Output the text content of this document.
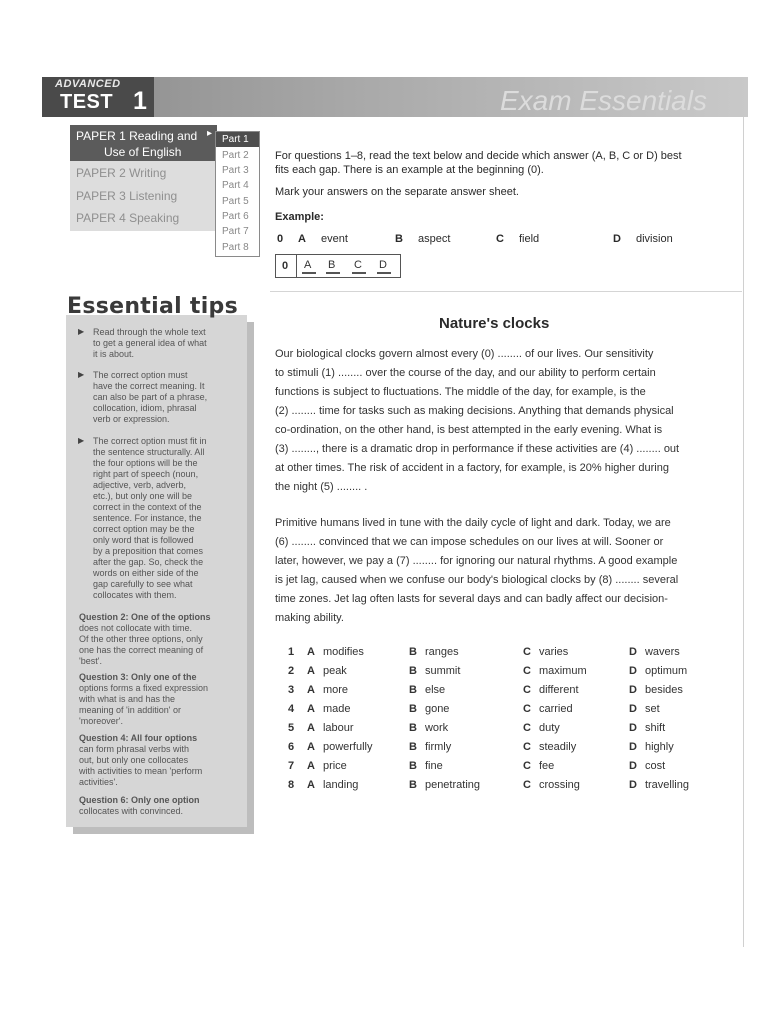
ADVANCED
TEST 1	Exam Essentials
PAPER 1 Reading and
Use of English
▸
PAPER 2 Writing
PAPER 3 Listening
PAPER 4 Speaking
Part 1
Part 2
Part 3
Part 4
Part 5
Part 6
Part 7
Part 8
For questions 1–8, read the text below and decide which answer (A, B, C or D) best
fits each gap. There is an example at the beginning (0).
Mark your answers on the separate answer sheet.
Example:
0 A event	B aspect	C field	D division
0 A B C D
Essential tips
▶ Read through the whole text
to get a general idea of what
it is about.
▶ The correct option must
have the correct meaning. It
can also be part of a phrase,
collocation, idiom, phrasal
verb or expression.
▶ The correct option must fit in
the sentence structurally. All
the four options will be the
right part of speech (noun,
adjective, verb, adverb,
etc.), but only one will be
correct in the context of the
sentence. For instance, the
correct option may be the
only word that is followed
by a preposition that comes
after the gap. So, check the
words on either side of the
gap carefully to see what
collocates with them.
Question 2: One of the options
does not collocate with time.
Of the other three options, only
one has the correct meaning of
'best'.
Question 3: Only one of the
options forms a fixed expression
with what is and has the
meaning of 'in addition' or
'moreover'.
Question 4: All four options
can form phrasal verbs with
out, but only one collocates
with activities to mean 'perform
activities'.
Question 6: Only one option
collocates with convinced.
Nature's clocks
Our biological clocks govern almost every (0) ........ of our lives. Our sensitivity
to stimuli (1) ........ over the course of the day, and our ability to perform certain
functions is subject to fluctuations. The middle of the day, for example, is the
(2) ........ time for tasks such as making decisions. Anything that demands physical
co-ordination, on the other hand, is best attempted in the early evening. What is
(3) ........, there is a dramatic drop in performance if these activities are (4) ........ out
at other times. The risk of accident in a factory, for example, is 20% higher during
the night (5) ........ .
Primitive humans lived in tune with the daily cycle of light and dark. Today, we are
(6) ........ convinced that we can impose schedules on our lives at will. Sooner or
later, however, we pay a (7) ........ for ignoring our natural rhythms. A good example
is jet lag, caused when we confuse our body's biological clocks by (8) ........ several
time zones. Jet lag often lasts for several days and can badly affect our decision-
making ability.
1 A modifies	B ranges	C varies	D wavers
2 A peak	B summit	C maximum	D optimum
3 A more	B else	C different	D besides
4 A made	B gone	C carried	D set
5 A labour	B work	C duty	D shift
6 A powerfully	B firmly	C steadily	D highly
7 A price	B fine	C fee	D cost
8 A landing	B penetrating	C crossing	D travelling
